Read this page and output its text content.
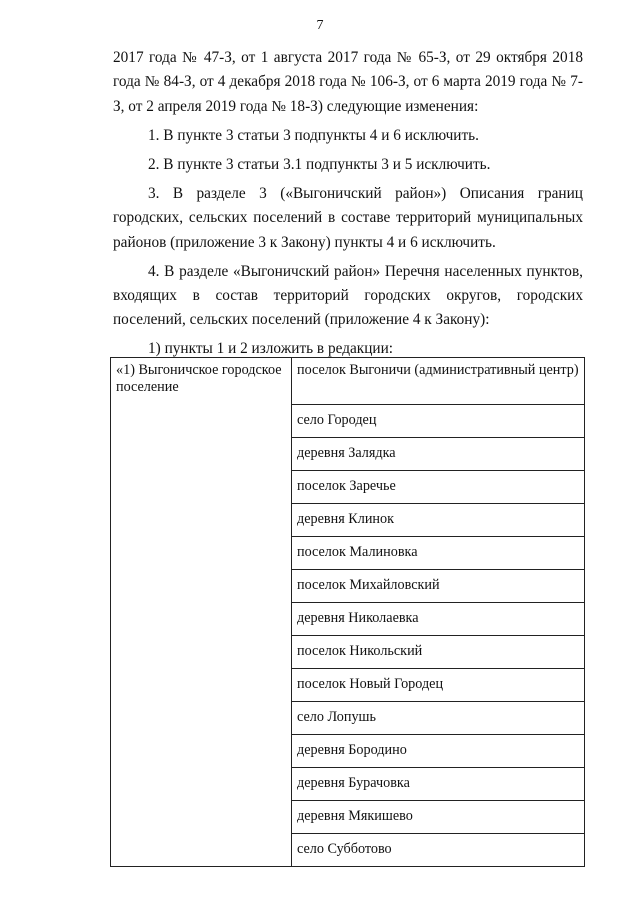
7

2017 года № 47-З, от 1 августа 2017 года № 65-З, от 29 октября 2018 года № 84-З, от 4 декабря 2018 года № 106-З, от 6 марта 2019 года № 7-З, от 2 апреля 2019 года № 18-З) следующие изменения:

1. В пункте 3 статьи 3 подпункты 4 и 6 исключить.

2. В пункте 3 статьи 3.1 подпункты 3 и 5 исключить.

3. В разделе 3 («Выгоничский район») Описания границ городских, сельских поселений в составе территорий муниципальных районов (приложение 3 к Закону) пункты 4 и 6 исключить.

4. В разделе «Выгоничский район» Перечня населенных пунктов, входящих в состав территорий городских округов, городских поселений, сельских поселений (приложение 4 к Закону):

1) пункты 1 и 2 изложить в редакции:

«1) Выгоничское городское поселение	поселок Выгоничи (административный центр)
село Городец
деревня Залядка
поселок Заречье
деревня Клинок
поселок Малиновка
поселок Михайловский
деревня Николаевка
поселок Никольский
поселок Новый Городец
село Лопушь
деревня Бородино
деревня Бурачовка
деревня Мякишево
село Субботово
